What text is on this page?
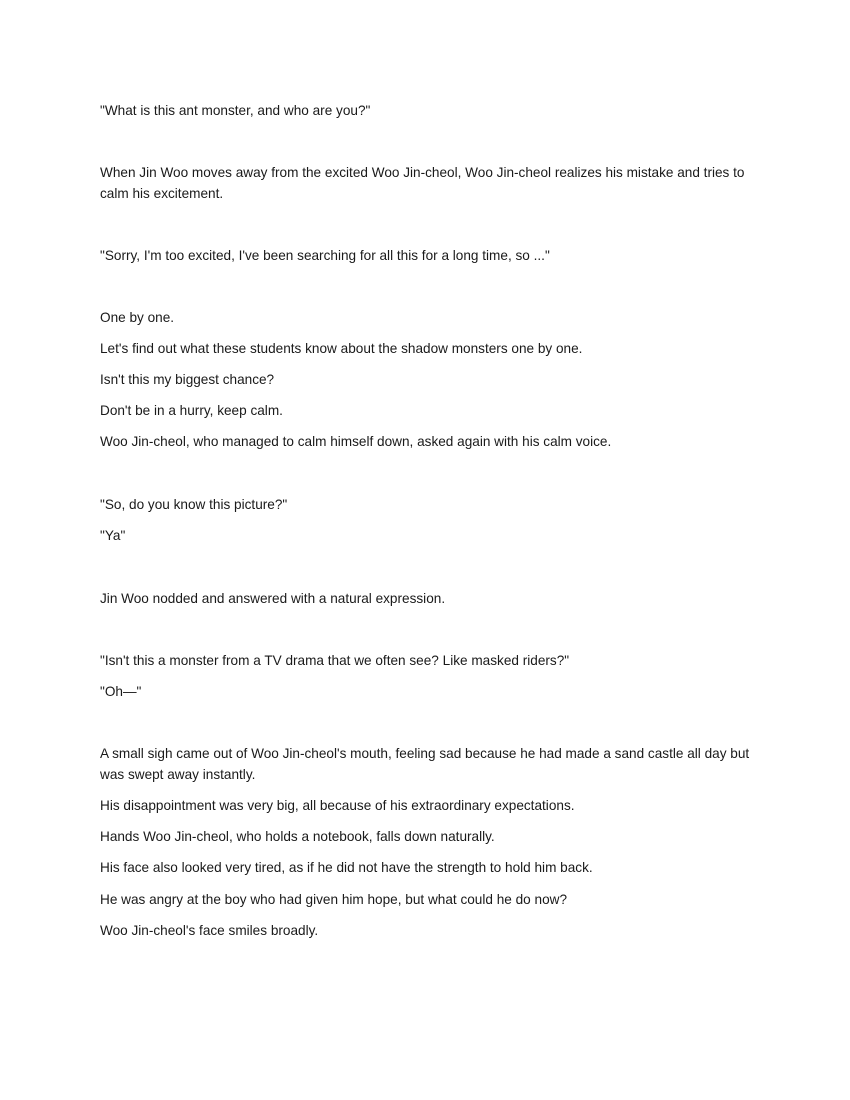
"What is this ant monster, and who are you?"

When Jin Woo moves away from the excited Woo Jin-cheol, Woo Jin-cheol realizes his mistake and tries to calm his excitement.

"Sorry, I'm too excited, I've been searching for all this for a long time, so ..."

One by one.

Let's find out what these students know about the shadow monsters one by one.

Isn't this my biggest chance?

Don't be in a hurry, keep calm.

Woo Jin-cheol, who managed to calm himself down, asked again with his calm voice.

"So, do you know this picture?"

"Ya"

Jin Woo nodded and answered with a natural expression.

"Isn't this a monster from a TV drama that we often see? Like masked riders?"

"Oh—"

A small sigh came out of Woo Jin-cheol's mouth, feeling sad because he had made a sand castle all day but was swept away instantly.

His disappointment was very big, all because of his extraordinary expectations.

Hands Woo Jin-cheol, who holds a notebook, falls down naturally.

His face also looked very tired, as if he did not have the strength to hold him back.

He was angry at the boy who had given him hope, but what could he do now?

Woo Jin-cheol's face smiles broadly.
